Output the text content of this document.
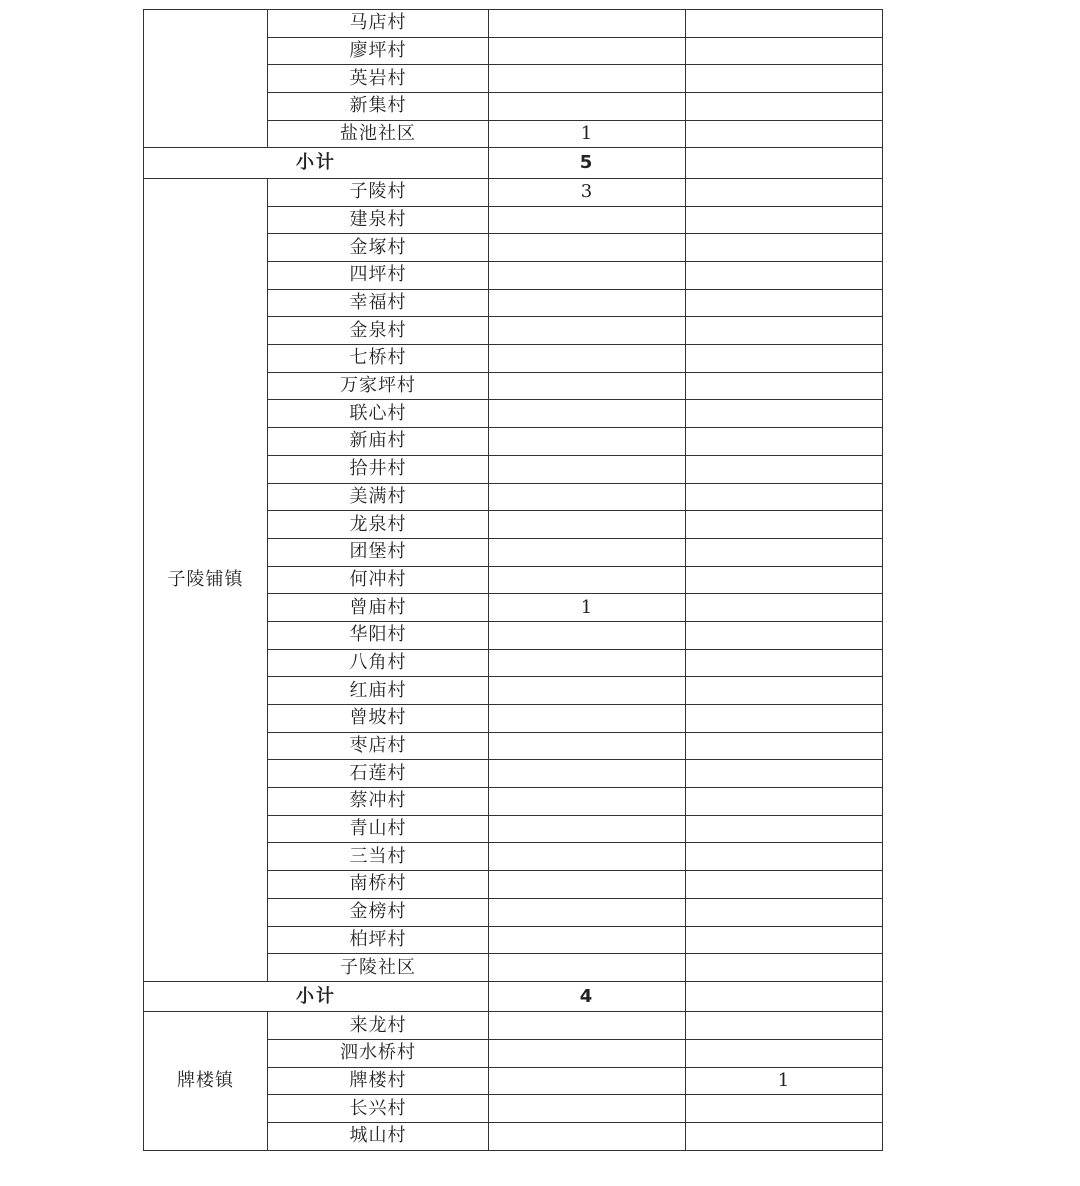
	马店村		
	廖坪村		
	英岩村		
	新集村		
	盐池社区	1	
小计		5	
子陵铺镇	子陵村	3	
	建泉村		
	金塚村		
	四坪村		
	幸福村		
	金泉村		
	七桥村		
	万家坪村		
	联心村		
	新庙村		
	拾井村		
	美满村		
	龙泉村		
	团堡村		
	何冲村		
	曾庙村	1	
	华阳村		
	八角村		
	红庙村		
	曾坡村		
	枣店村		
	石莲村		
	蔡冲村		
	青山村		
	三当村		
	南桥村		
	金榜村		
	柏坪村		
	子陵社区		
小计		4	
牌楼镇	来龙村		
	泗水桥村		
	牌楼村		1
	长兴村		
	城山村		
